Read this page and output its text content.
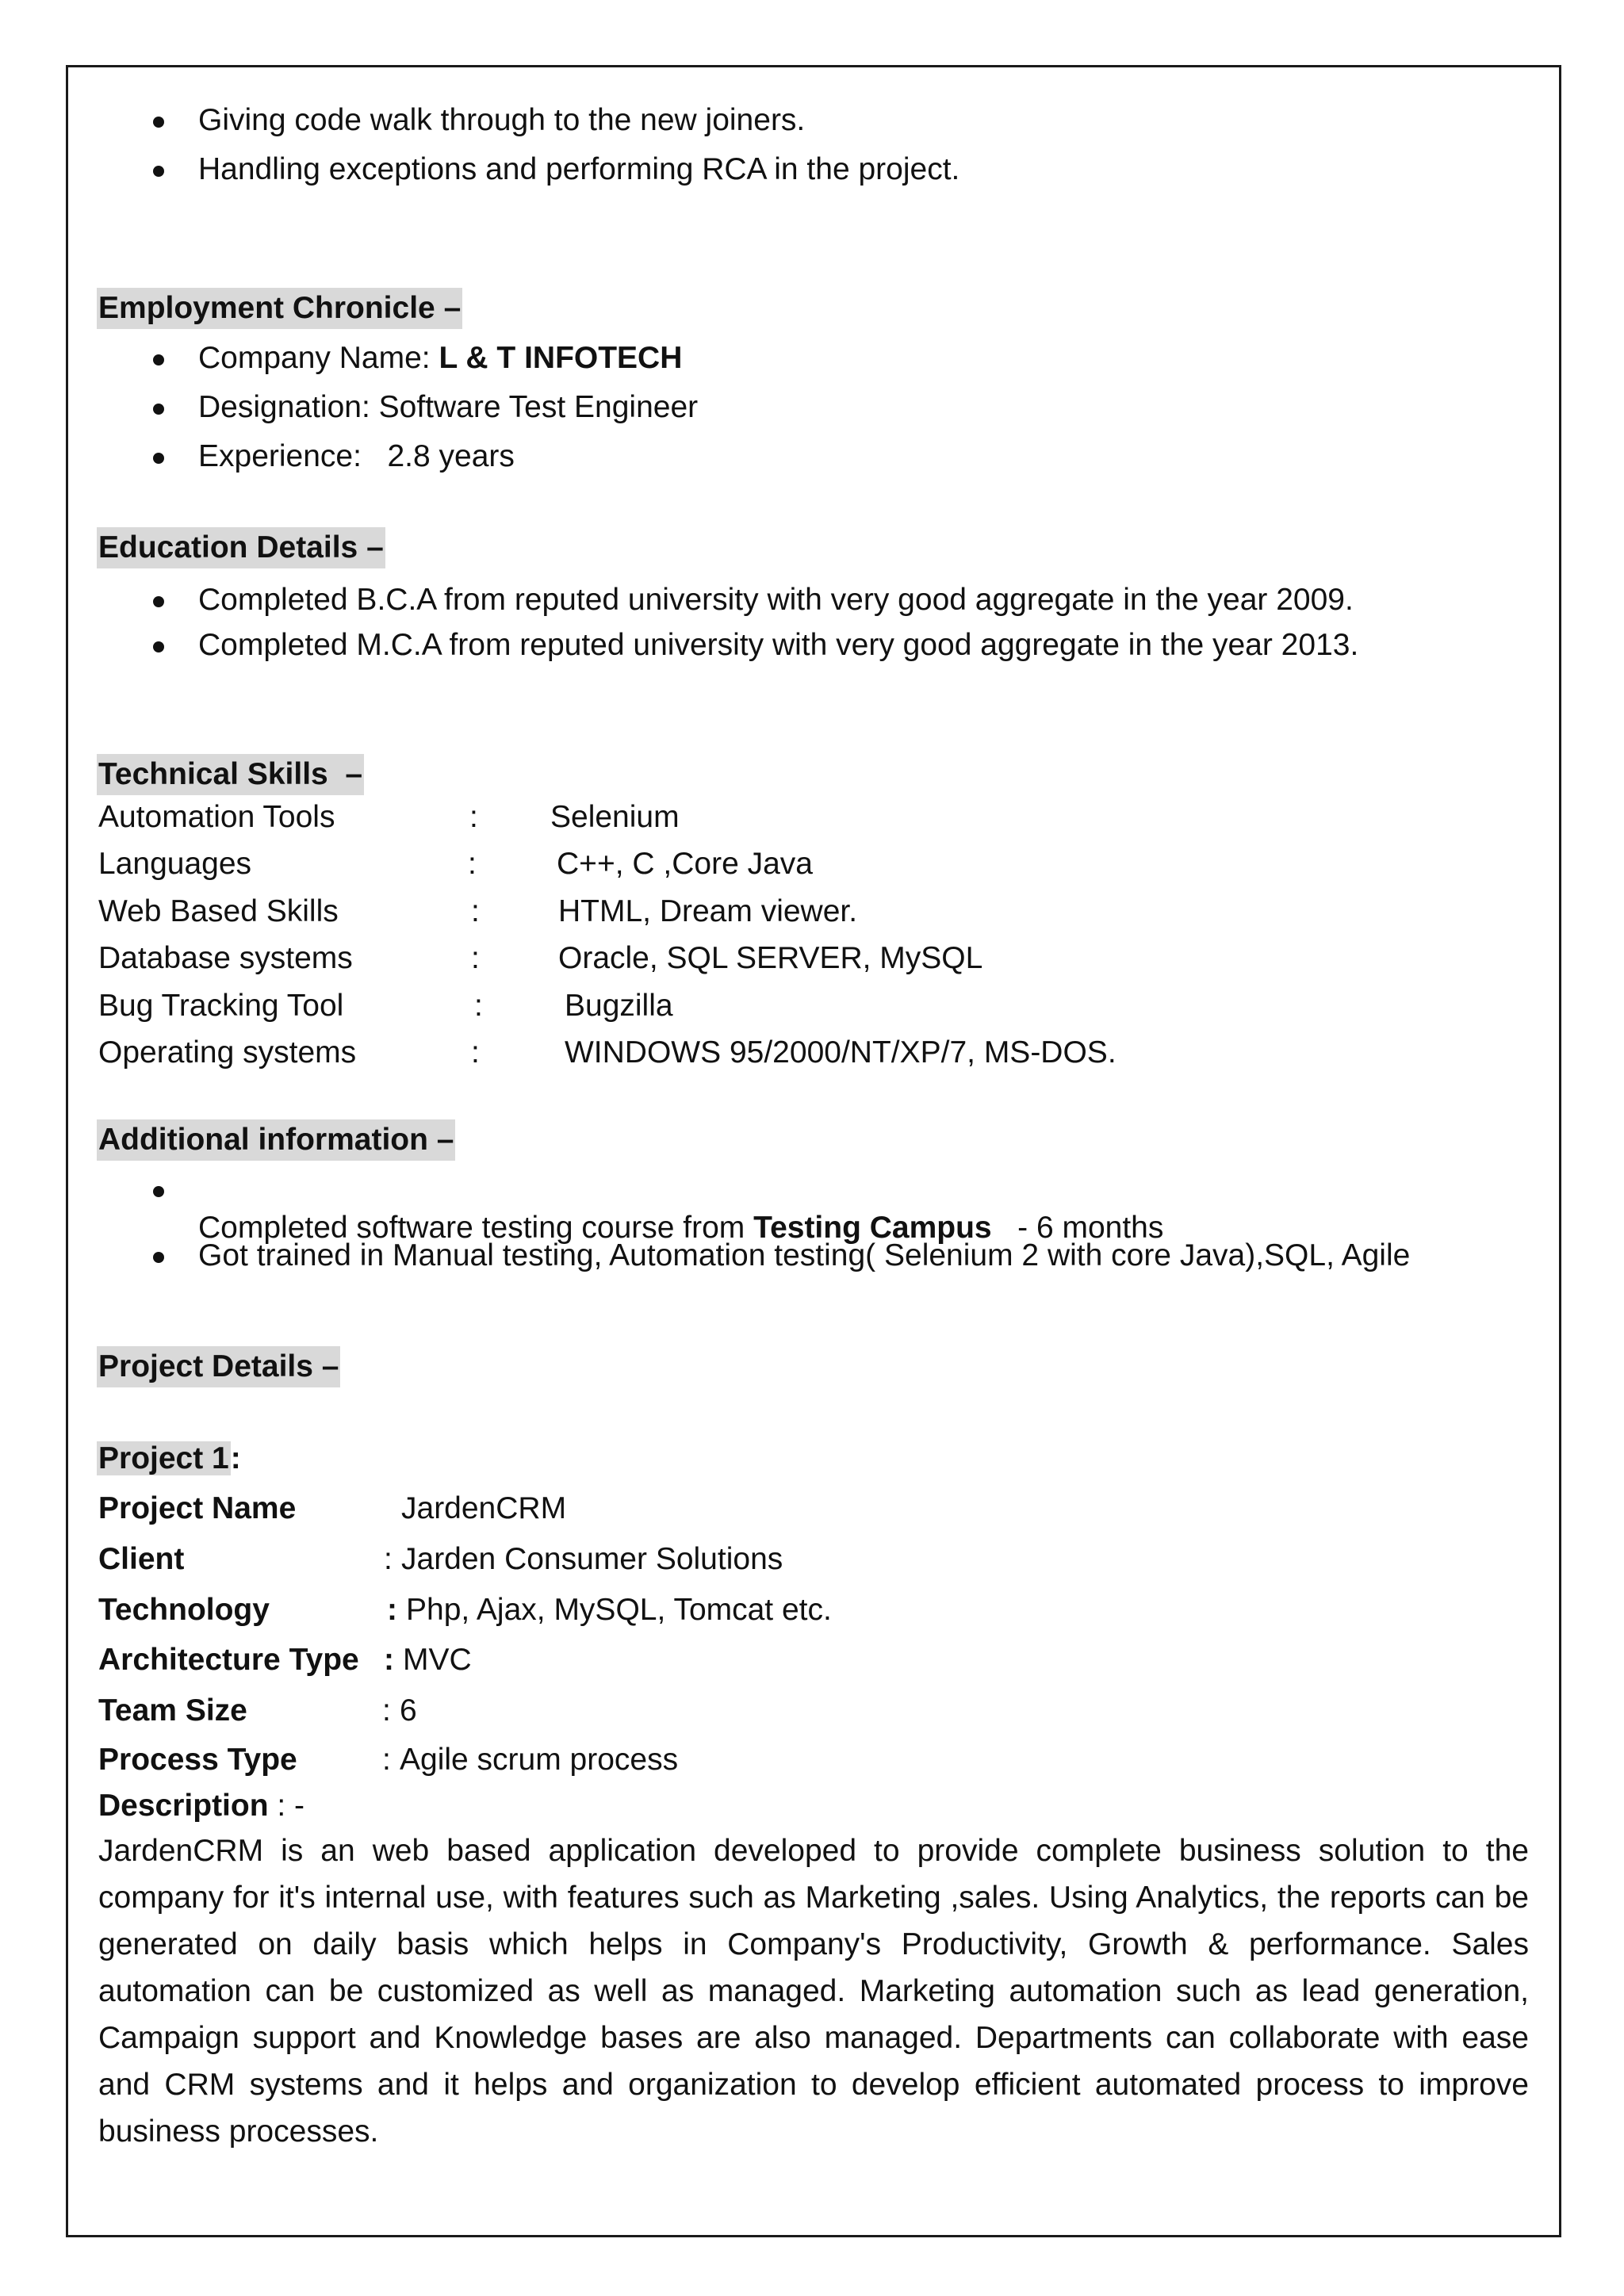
Giving code walk through to the new joiners.
Handling exceptions and performing RCA in the project.
Employment Chronicle –
Company Name: L & T INFOTECH
Designation: Software Test Engineer
Experience:   2.8 years
Education Details –
Completed B.C.A from reputed university with very good aggregate in the year 2009.
Completed M.C.A from reputed university with very good aggregate in the year 2013.
Technical Skills  –
Automation Tools	: Selenium
Languages	:	C++, C ,Core Java
Web Based Skills	:	HTML, Dream viewer.
Database systems	:	Oracle, SQL SERVER, MySQL
Bug Tracking Tool	:	Bugzilla
Operating systems	:	WINDOWS 95/2000/NT/XP/7, MS-DOS.
Additional information –

Completed software testing course from Testing Campus   - 6 months
Got trained in Manual testing, Automation testing( Selenium 2 with core Java),SQL, Agile
Project Details –
Project 1:
Project Name	JardenCRM
Client	: Jarden Consumer Solutions
Technology	: Php, Ajax, MySQL, Tomcat etc.
Architecture Type : MVC
Team Size	: 6
Process Type	: Agile scrum process
Description : -
JardenCRM is an web based application developed to provide complete business solution to the company for it's internal use, with features such as Marketing ,sales. Using Analytics, the reports can be generated on daily basis which helps in Company's Productivity, Growth & performance. Sales automation can be customized as well as managed. Marketing automation such as lead generation, Campaign support and Knowledge bases are also managed. Departments can collaborate with ease and CRM systems and it helps and organization to develop efficient automated process to improve business processes.
